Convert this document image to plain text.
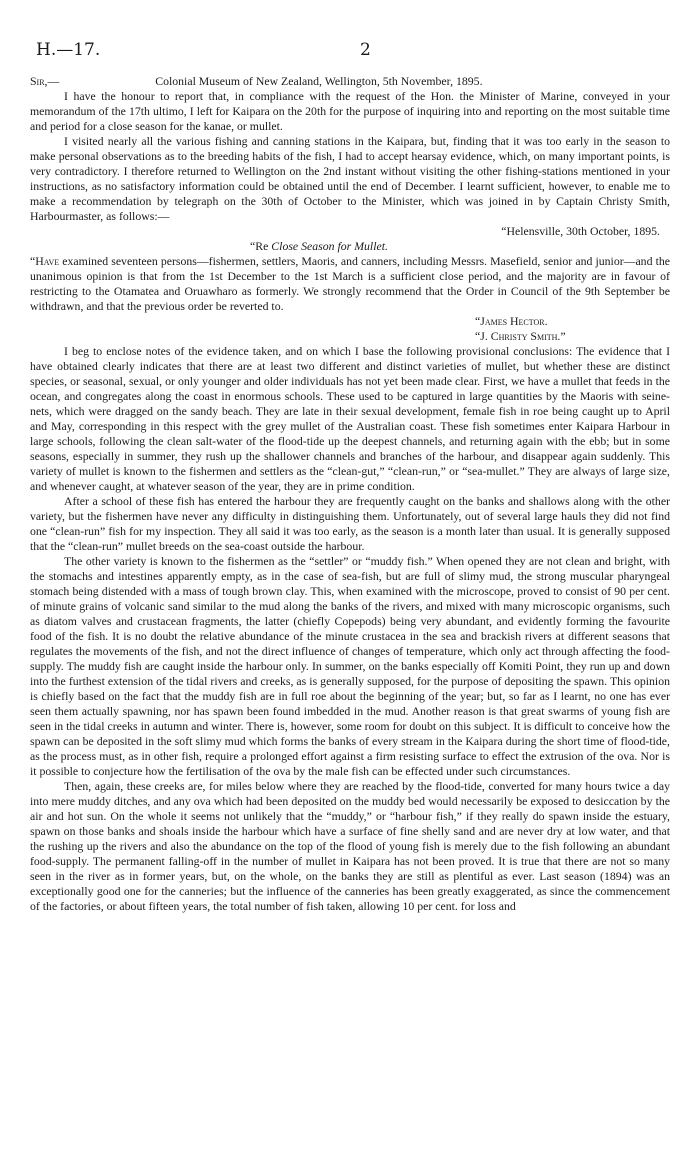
H.—17.	2

Sir,—	Colonial Museum of New Zealand, Wellington, 5th November, 1895.

I have the honour to report that, in compliance with the request of the Hon. the Minister of Marine, conveyed in your memorandum of the 17th ultimo, I left for Kaipara on the 20th for the purpose of inquiring into and reporting on the most suitable time and period for a close season for the kanae, or mullet.

I visited nearly all the various fishing and canning stations in the Kaipara, but, finding that it was too early in the season to make personal observations as to the breeding habits of the fish, I had to accept hearsay evidence, which, on many important points, is very contradictory. I therefore returned to Wellington on the 2nd instant without visiting the other fishing-stations mentioned in your instructions, as no satisfactory information could be obtained until the end of December. I learnt sufficient, however, to enable me to make a recommendation by telegraph on the 30th of October to the Minister, which was joined in by Captain Christy Smith, Harbourmaster, as follows:—

“Helensville, 30th October, 1895.

“Re Close Season for Mullet.

“Have examined seventeen persons—fishermen, settlers, Maoris, and canners, including Messrs. Masefield, senior and junior—and the unanimous opinion is that from the 1st December to the 1st March is a sufficient close period, and the majority are in favour of restricting to the Otamatea and Oruawharo as formerly. We strongly recommend that the Order in Council of the 9th September be withdrawn, and that the previous order be reverted to.

“James Hector.

“J. Christy Smith.”

I beg to enclose notes of the evidence taken, and on which I base the following provisional conclusions: The evidence that I have obtained clearly indicates that there are at least two different and distinct varieties of mullet, but whether these are distinct species, or seasonal, sexual, or only younger and older individuals has not yet been made clear. First, we have a mullet that feeds in the ocean, and congregates along the coast in enormous schools. These used to be captured in large quantities by the Maoris with seine-nets, which were dragged on the sandy beach. They are late in their sexual development, female fish in roe being caught up to April and May, corresponding in this respect with the grey mullet of the Australian coast. These fish sometimes enter Kaipara Harbour in large schools, following the clean salt-water of the flood-tide up the deepest channels, and returning again with the ebb; but in some seasons, especially in summer, they rush up the shallower channels and branches of the harbour, and disappear again suddenly. This variety of mullet is known to the fishermen and settlers as the “clean-gut,” “clean-run,” or “sea-mullet.” They are always of large size, and whenever caught, at whatever season of the year, they are in prime condition.

After a school of these fish has entered the harbour they are frequently caught on the banks and shallows along with the other variety, but the fishermen have never any difficulty in distinguishing them. Unfortunately, out of several large hauls they did not find one “clean-run” fish for my inspection. They all said it was too early, as the season is a month later than usual. It is generally supposed that the “clean-run” mullet breeds on the sea-coast outside the harbour.

The other variety is known to the fishermen as the “settler” or “muddy fish.” When opened they are not clean and bright, with the stomachs and intestines apparently empty, as in the case of sea-fish, but are full of slimy mud, the strong muscular pharyngeal stomach being distended with a mass of tough brown clay. This, when examined with the microscope, proved to consist of 90 per cent. of minute grains of volcanic sand similar to the mud along the banks of the rivers, and mixed with many microscopic organisms, such as diatom valves and crustacean fragments, the latter (chiefly Copepods) being very abundant, and evidently forming the favourite food of the fish. It is no doubt the relative abundance of the minute crustacea in the sea and brackish rivers at different seasons that regulates the movements of the fish, and not the direct influence of changes of temperature, which only act through affecting the food-supply. The muddy fish are caught inside the harbour only. In summer, on the banks especially off Komiti Point, they run up and down into the furthest extension of the tidal rivers and creeks, as is generally supposed, for the purpose of depositing the spawn. This opinion is chiefly based on the fact that the muddy fish are in full roe about the beginning of the year; but, so far as I learnt, no one has ever seen them actually spawning, nor has spawn been found imbedded in the mud. Another reason is that great swarms of young fish are seen in the tidal creeks in autumn and winter. There is, however, some room for doubt on this subject. It is difficult to conceive how the spawn can be deposited in the soft slimy mud which forms the banks of every stream in the Kaipara during the short time of flood-tide, as the process must, as in other fish, require a prolonged effort against a firm resisting surface to effect the extrusion of the ova. Nor is it possible to conjecture how the fertilisation of the ova by the male fish can be effected under such circumstances.

Then, again, these creeks are, for miles below where they are reached by the flood-tide, converted for many hours twice a day into mere muddy ditches, and any ova which had been deposited on the muddy bed would necessarily be exposed to desiccation by the air and hot sun. On the whole it seems not unlikely that the “muddy,” or “harbour fish,” if they really do spawn inside the estuary, spawn on those banks and shoals inside the harbour which have a surface of fine shelly sand and are never dry at low water, and that the rushing up the rivers and also the abundance on the top of the flood of young fish is merely due to the fish following an abundant food-supply. The permanent falling-off in the number of mullet in Kaipara has not been proved. It is true that there are not so many seen in the river as in former years, but, on the whole, on the banks they are still as plentiful as ever. Last season (1894) was an exceptionally good one for the canneries; but the influence of the canneries has been greatly exaggerated, as since the commencement of the factories, or about fifteen years, the total number of fish taken, allowing 10 per cent. for loss and
